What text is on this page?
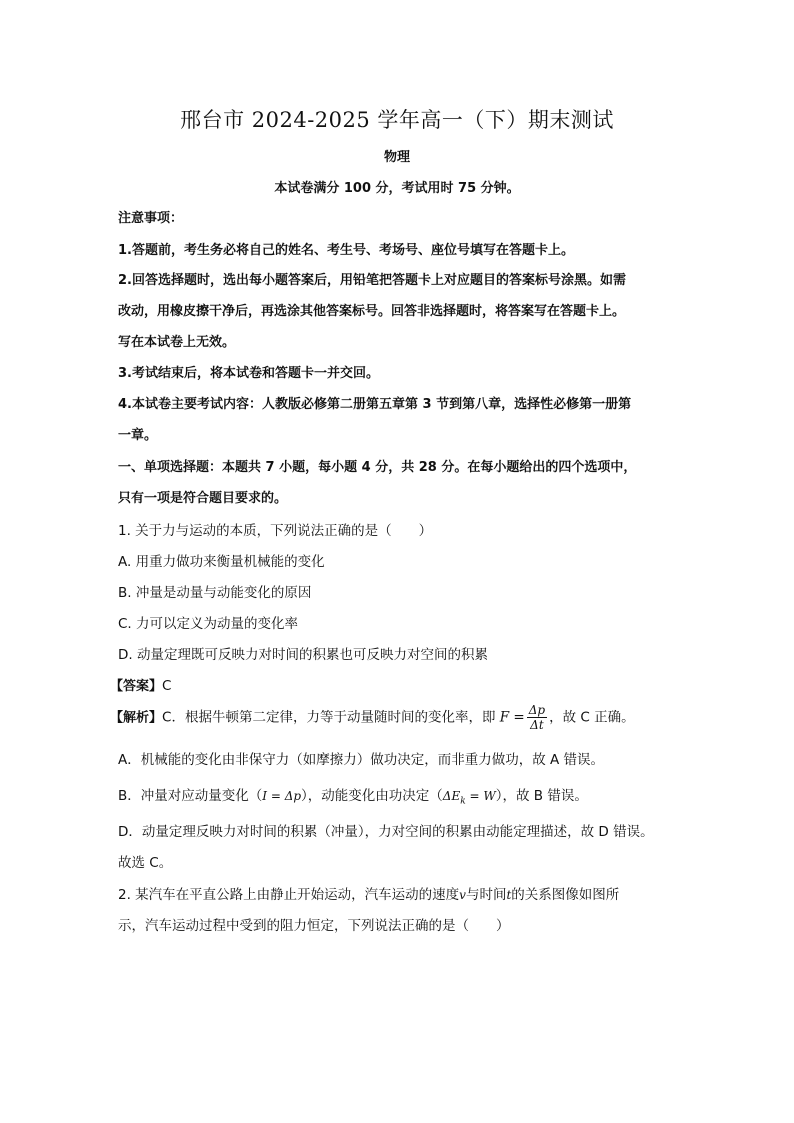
邢台市 2024-2025 学年高一（下）期末测试
物理
本试卷满分 100 分，考试用时 75 分钟。
注意事项：
1.答题前，考生务必将自己的姓名、考生号、考场号、座位号填写在答题卡上。
2.回答选择题时，选出每小题答案后，用铅笔把答题卡上对应题目的答案标号涂黑。如需
改动，用橡皮擦干净后，再选涂其他答案标号。回答非选择题时，将答案写在答题卡上。
写在本试卷上无效。
3.考试结束后，将本试卷和答题卡一并交回。
4.本试卷主要考试内容：人教版必修第二册第五章第 3 节到第八章，选择性必修第一册第
一章。
一、单项选择题：本题共 7 小题，每小题 4 分，共 28 分。在每小题给出的四个选项中，
只有一项是符合题目要求的。
1. 关于力与运动的本质，下列说法正确的是（　　）
A. 用重力做功来衡量机械能的变化
B. 冲量是动量与动能变化的原因
C. 力可以定义为动量的变化率
D. 动量定理既可反映力对时间的积累也可反映力对空间的积累
【答案】C
【解析】C．根据牛顿第二定律，力等于动量随时间的变化率，即 $F = \frac{\Delta p}{\Delta t}$ ，故 C 正确。
A．机械能的变化由非保守力（如摩擦力）做功决定，而非重力做功，故 A 错误。
B．冲量对应动量变化（I = Δp），动能变化由功决定$(\Delta E_k = W)$，故 B 错误。
D．动量定理反映力对时间的积累（冲量），力对空间的积累由动能定理描述，故 D 错误。
故选 C。
2. 某汽车在平直公路上由静止开始运动，汽车运动的速度v与时间t的关系图像如图所
示，汽车运动过程中受到的阻力恒定，下列说法正确的是（　　）
